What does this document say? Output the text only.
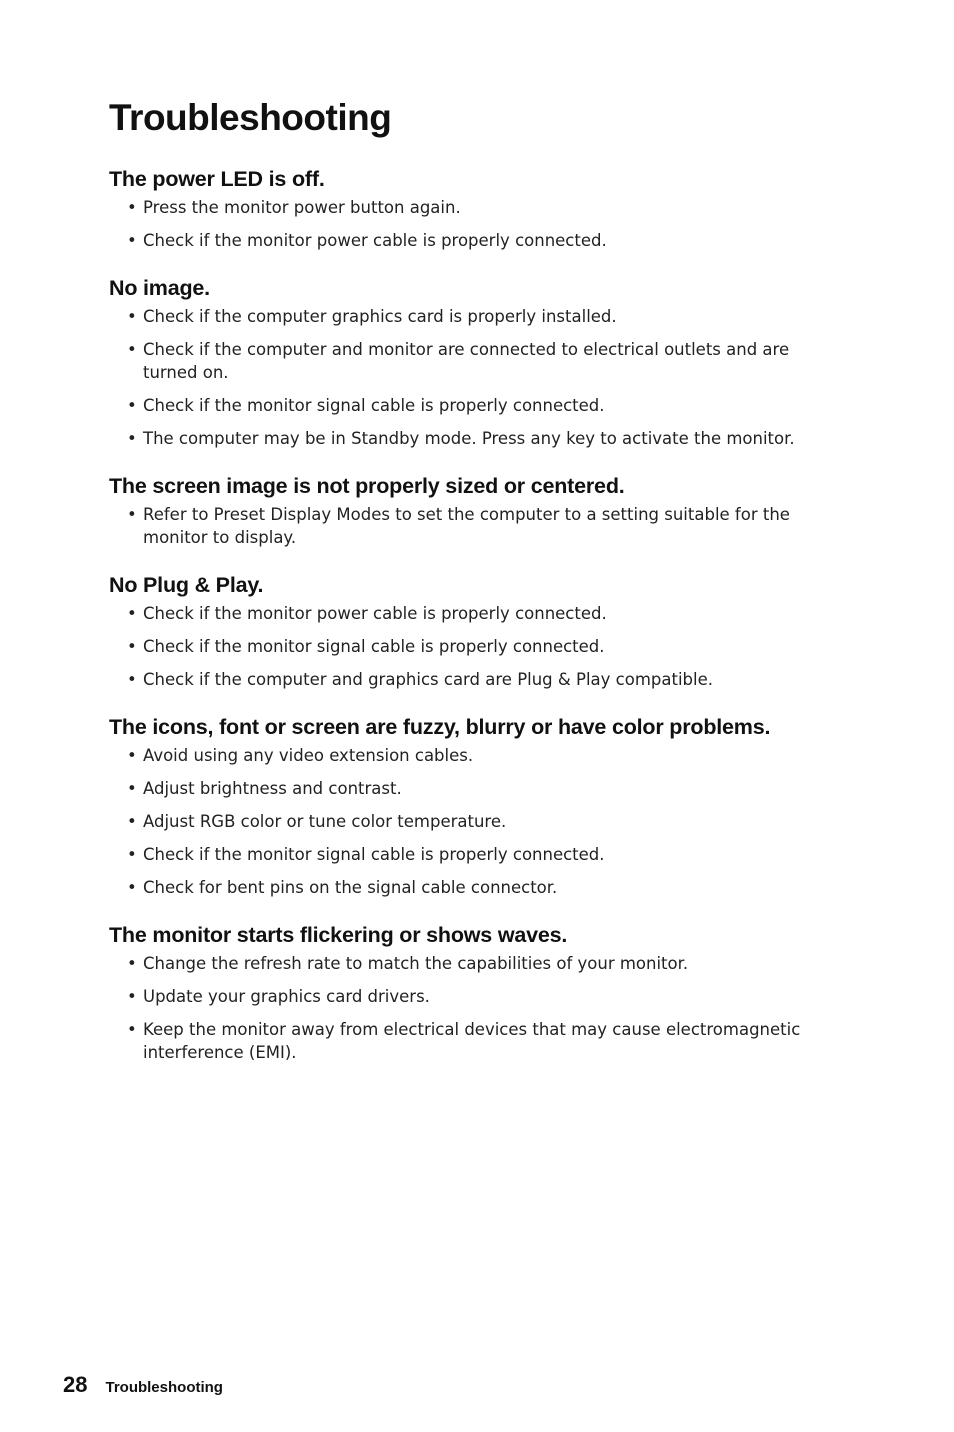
Troubleshooting
The power LED is off.
• Press the monitor power button again.
• Check if the monitor power cable is properly connected.
No image.
• Check if the computer graphics card is properly installed.
• Check if the computer and monitor are connected to electrical outlets and are turned on.
• Check if the monitor signal cable is properly connected.
• The computer may be in Standby mode. Press any key to activate the monitor.
The screen image is not properly sized or centered.
• Refer to Preset Display Modes to set the computer to a setting suitable for the monitor to display.
No Plug & Play.
• Check if the monitor power cable is properly connected.
• Check if the monitor signal cable is properly connected.
• Check if the computer and graphics card are Plug & Play compatible.
The icons, font or screen are fuzzy, blurry or have color problems.
• Avoid using any video extension cables.
• Adjust brightness and contrast.
• Adjust RGB color or tune color temperature.
• Check if the monitor signal cable is properly connected.
• Check for bent pins on the signal cable connector.
The monitor starts flickering or shows waves.
• Change the refresh rate to match the capabilities of your monitor.
• Update your graphics card drivers.
• Keep the monitor away from electrical devices that may cause electromagnetic interference (EMI).
28 Troubleshooting
